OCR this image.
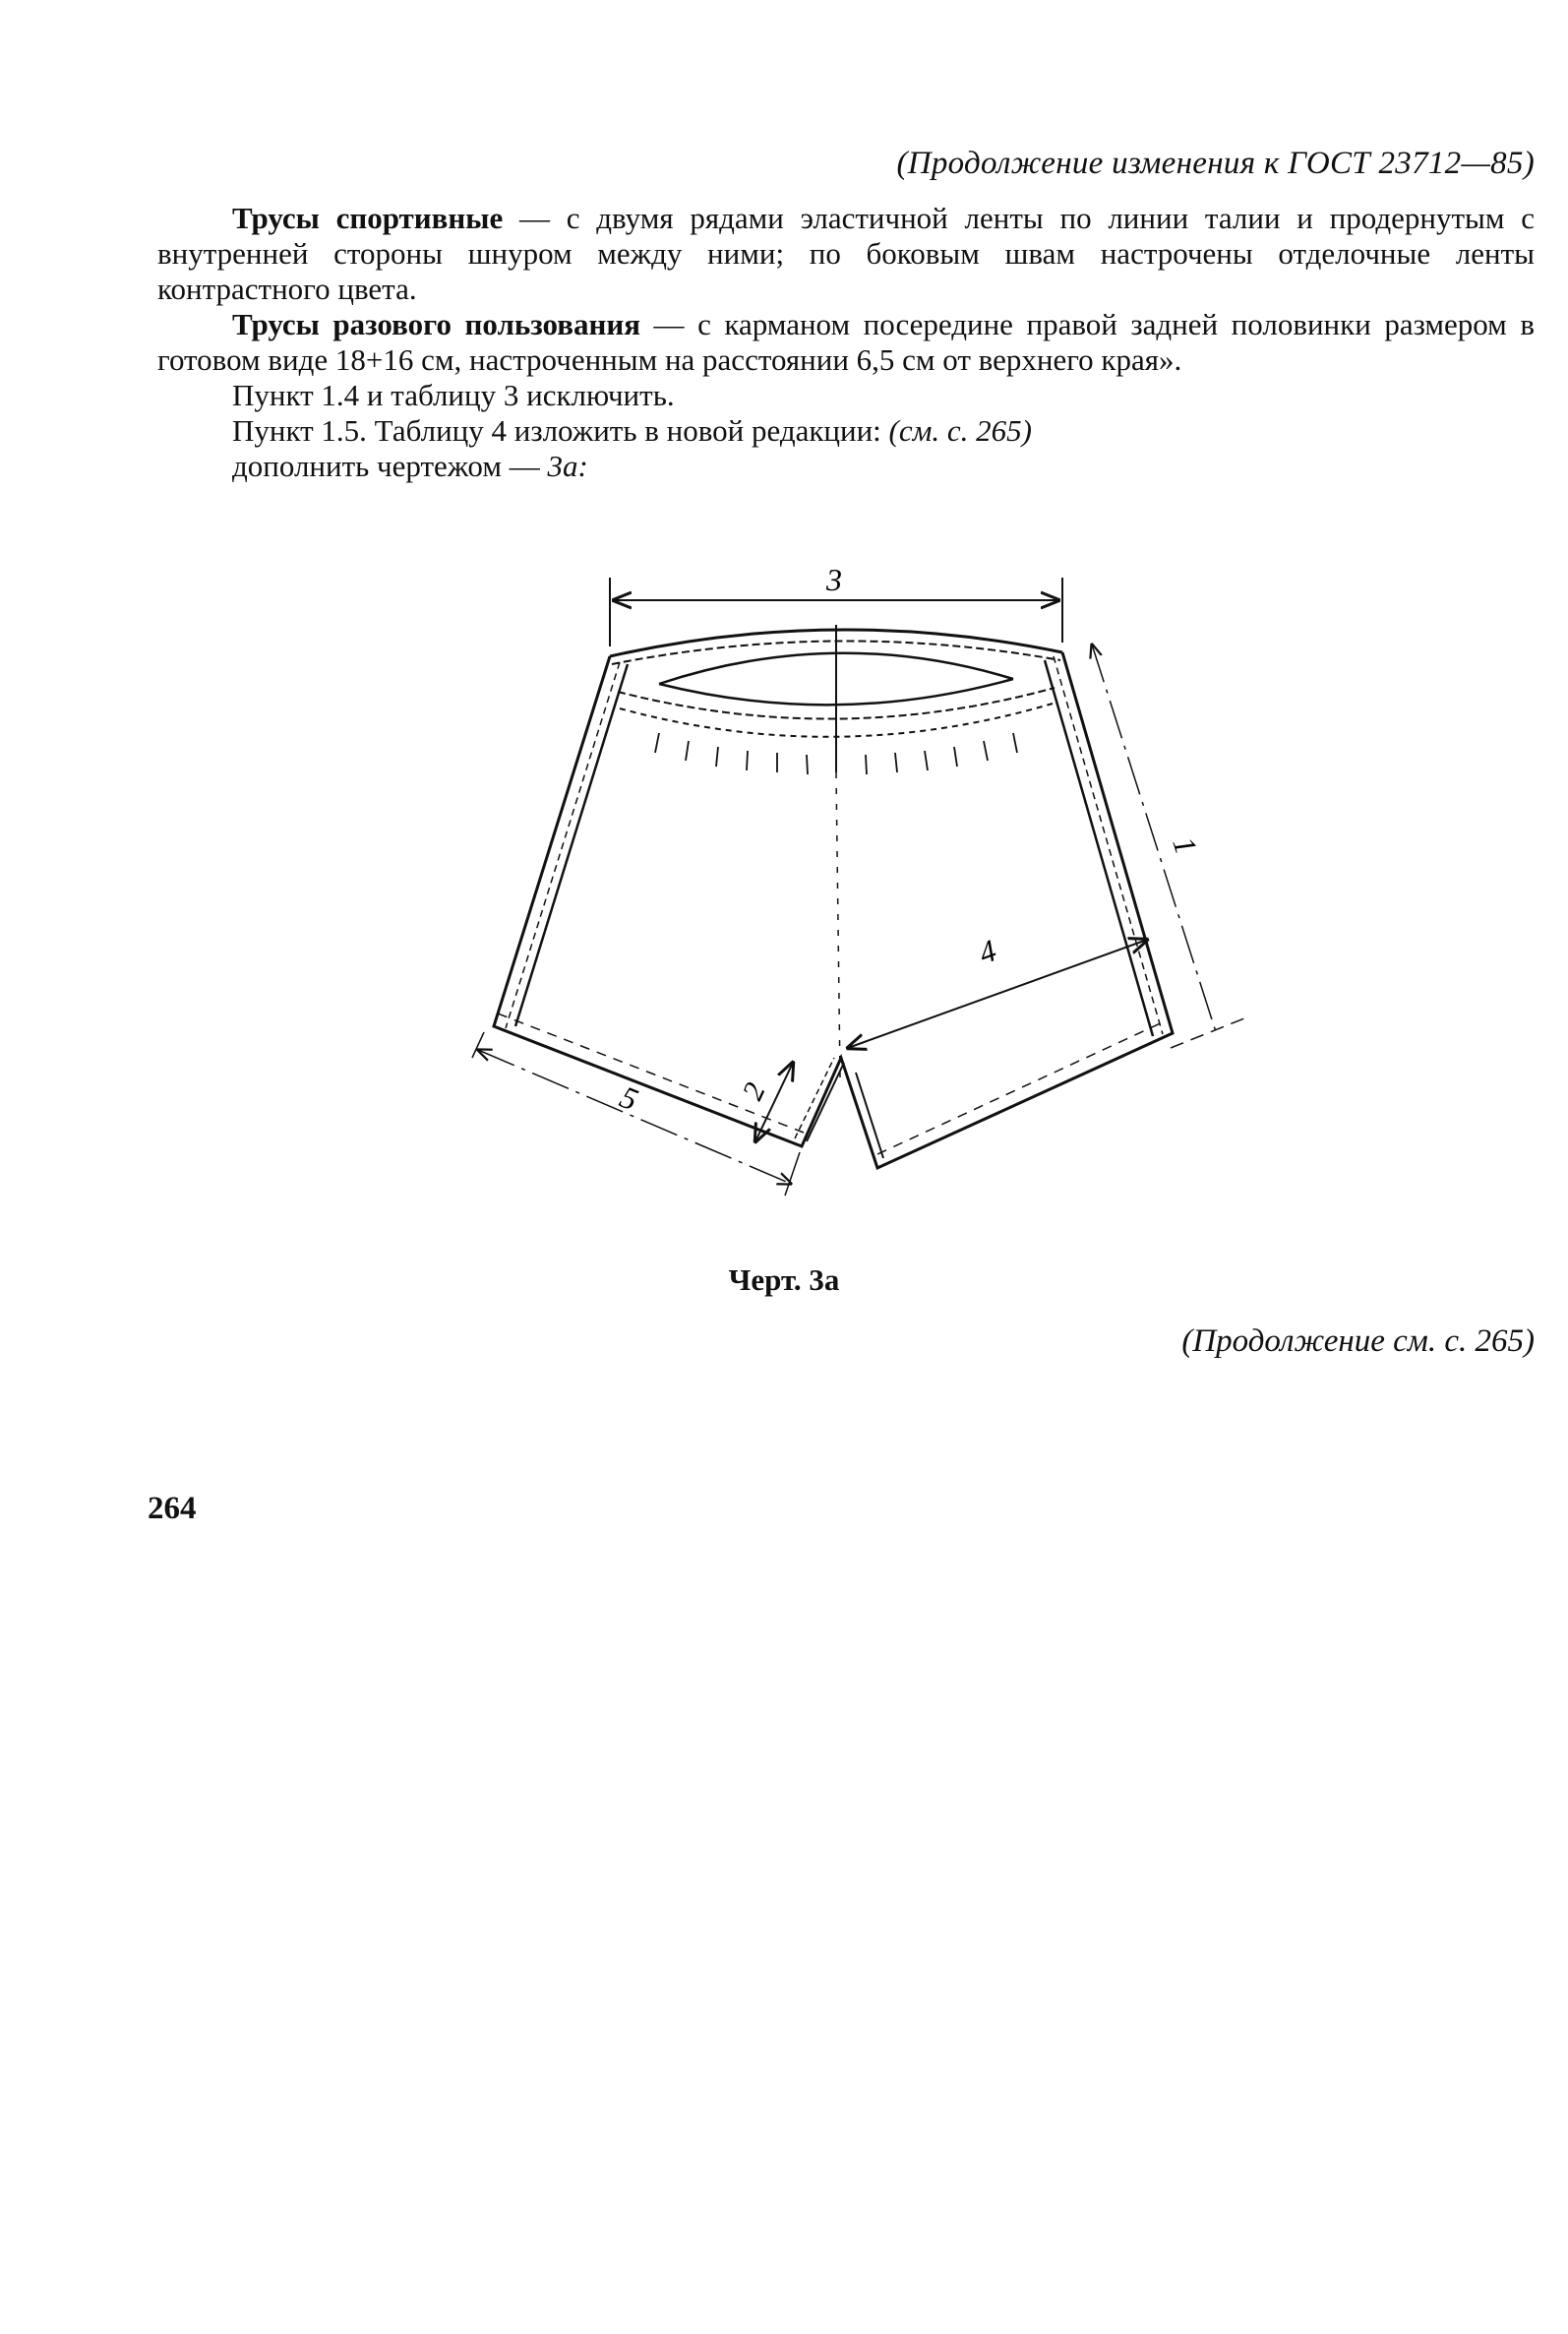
(Продолжение изменения к ГОСТ 23712—85)

Трусы спортивные — с двумя рядами эластичной ленты по линии талии и продернутым с внутренней стороны шнуром между ними; по боковым швам настрочены отделочные ленты контрастного цвета.

Трусы разового пользования — с карманом посередине правой задней половинки размером в готовом виде 18+16 см, настроченным на расстоянии 6,5 см от верхнего края».

Пункт 1.4 и таблицу 3 исключить.

Пункт 1.5. Таблицу 4 изложить в новой редакции: (см. с. 265)

дополнить чертежом — 3а:

3
1
4
2
5
Черт. 3а
(Продолжение см. с. 265)
264
